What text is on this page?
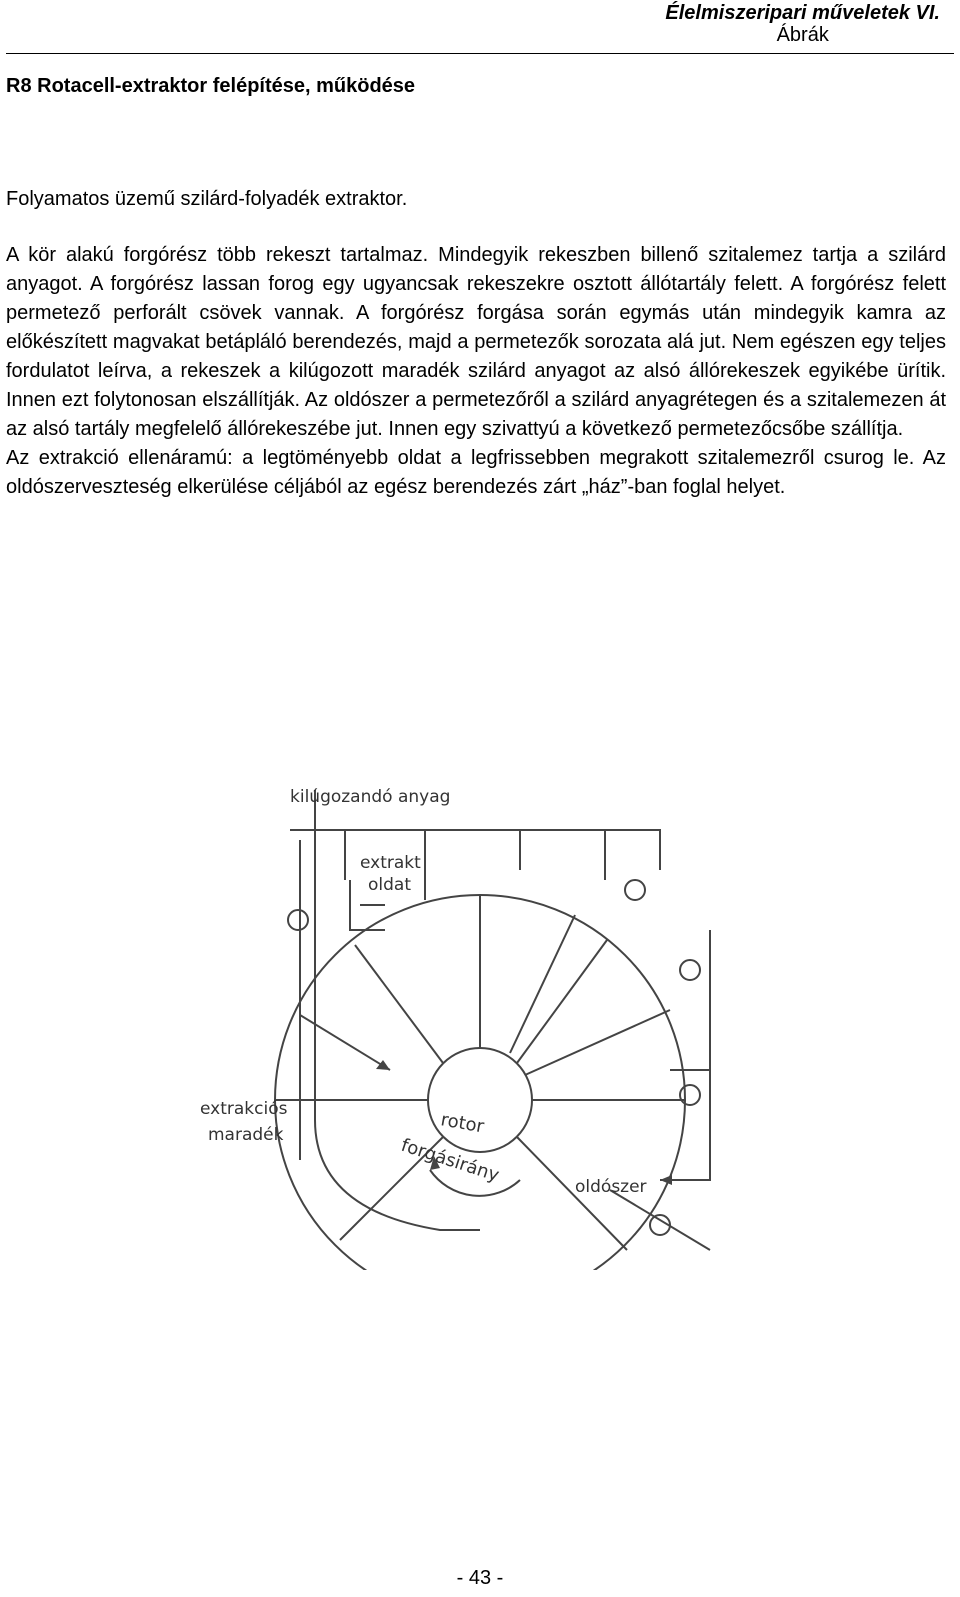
Élelmiszeripari műveletek VI.
Ábrák
R8 Rotacell-extraktor felépítése, működése
Folyamatos üzemű szilárd-folyadék extraktor.

A kör alakú forgórész több rekeszt tartalmaz. Mindegyik rekeszben billenő szitalemez tartja a szilárd anyagot. A forgórész lassan forog egy ugyancsak rekeszekre osztott állótartály felett. A forgórész felett permetező perforált csövek vannak. A forgórész forgása során egymás után mindegyik kamra az előkészített magvakat betápláló berendezés, majd a permetezők sorozata alá jut. Nem egészen egy teljes fordulatot leírva, a rekeszek a kilúgozott maradék szilárd anyagot az alsó állórekeszek egyikébe ürítik. Innen ezt folytonosan elszállítják. Az oldószer a permetezőről a szilárd anyagrétegen és a szitalemezen át az alsó tartály megfelelő állórekeszébe jut. Innen egy szivattyú a következő permetezőcsőbe szállítja.

Az extrakció ellenáramú: a legtöményebb oldat a legfrissebben megrakott szitalemezről csurog le. Az oldószerveszteség elkerülése céljából az egész berendezés zárt „ház”-ban foglal helyet.

kilúgozandó anyag
extrakt
oldat
extrakciós
maradék	rotor
forgásirány
oldószer
- 43 -
